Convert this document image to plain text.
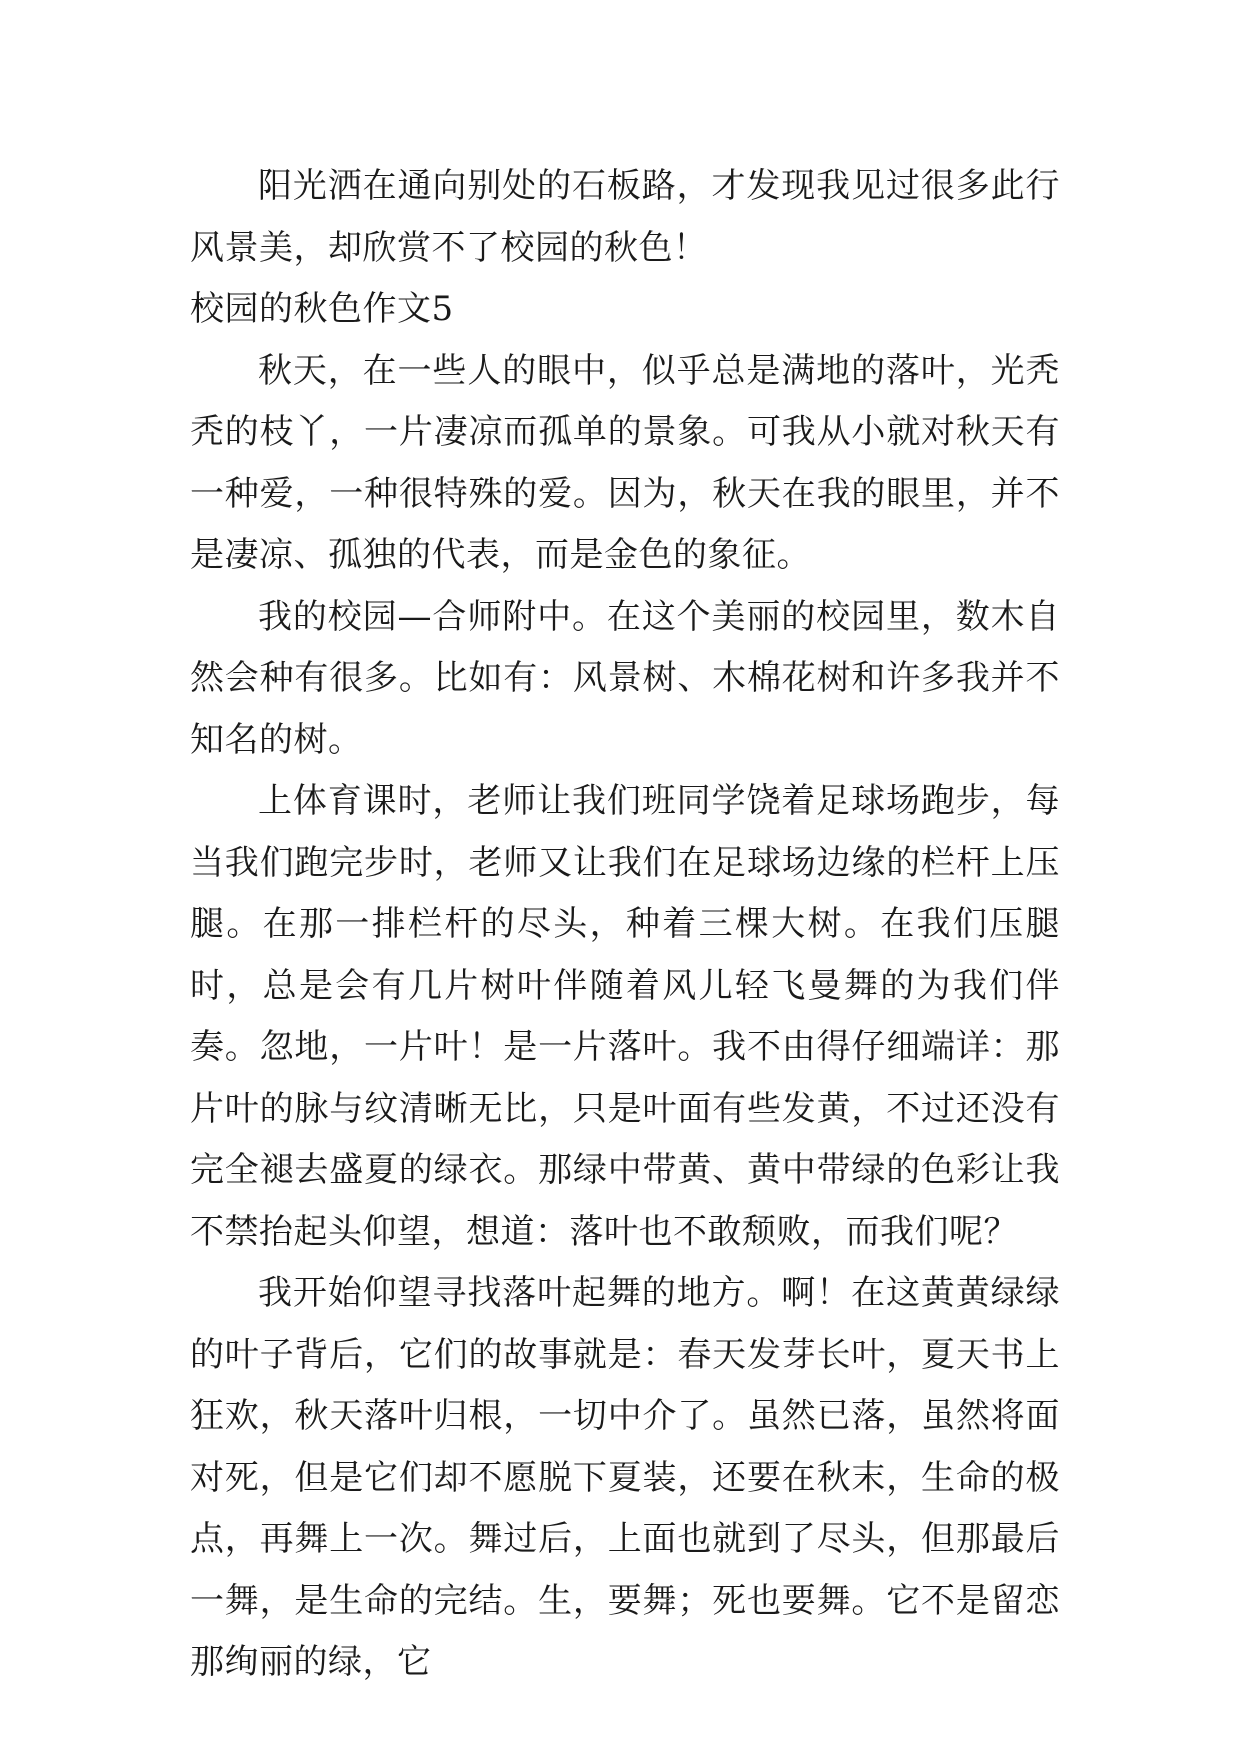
阳光洒在通向别处的石板路，才发现我见过很多此行风景美，却欣赏不了校园的秋色！

校园的秋色作文5

秋天，在一些人的眼中，似乎总是满地的落叶，光秃秃的枝丫，一片凄凉而孤单的景象。可我从小就对秋天有一种爱，一种很特殊的爱。因为，秋天在我的眼里，并不是凄凉、孤独的代表，而是金色的象征。

我的校园—合师附中。在这个美丽的校园里，数木自然会种有很多。比如有：风景树、木棉花树和许多我并不知名的树。

上体育课时，老师让我们班同学饶着足球场跑步，每当我们跑完步时，老师又让我们在足球场边缘的栏杆上压腿。在那一排栏杆的尽头，种着三棵大树。在我们压腿时，总是会有几片树叶伴随着风儿轻飞曼舞的为我们伴奏。忽地，一片叶！是一片落叶。我不由得仔细端详：那片叶的脉与纹清晰无比，只是叶面有些发黄，不过还没有完全褪去盛夏的绿衣。那绿中带黄、黄中带绿的色彩让我不禁抬起头仰望，想道：落叶也不敢颓败，而我们呢？

我开始仰望寻找落叶起舞的地方。啊！在这黄黄绿绿的叶子背后，它们的故事就是：春天发芽长叶，夏天书上狂欢，秋天落叶归根，一切中介了。虽然已落，虽然将面对死，但是它们却不愿脱下夏装，还要在秋末，生命的极点，再舞上一次。舞过后，上面也就到了尽头，但那最后一舞，是生命的完结。生，要舞；死也要舞。它不是留恋那绚丽的绿，它
